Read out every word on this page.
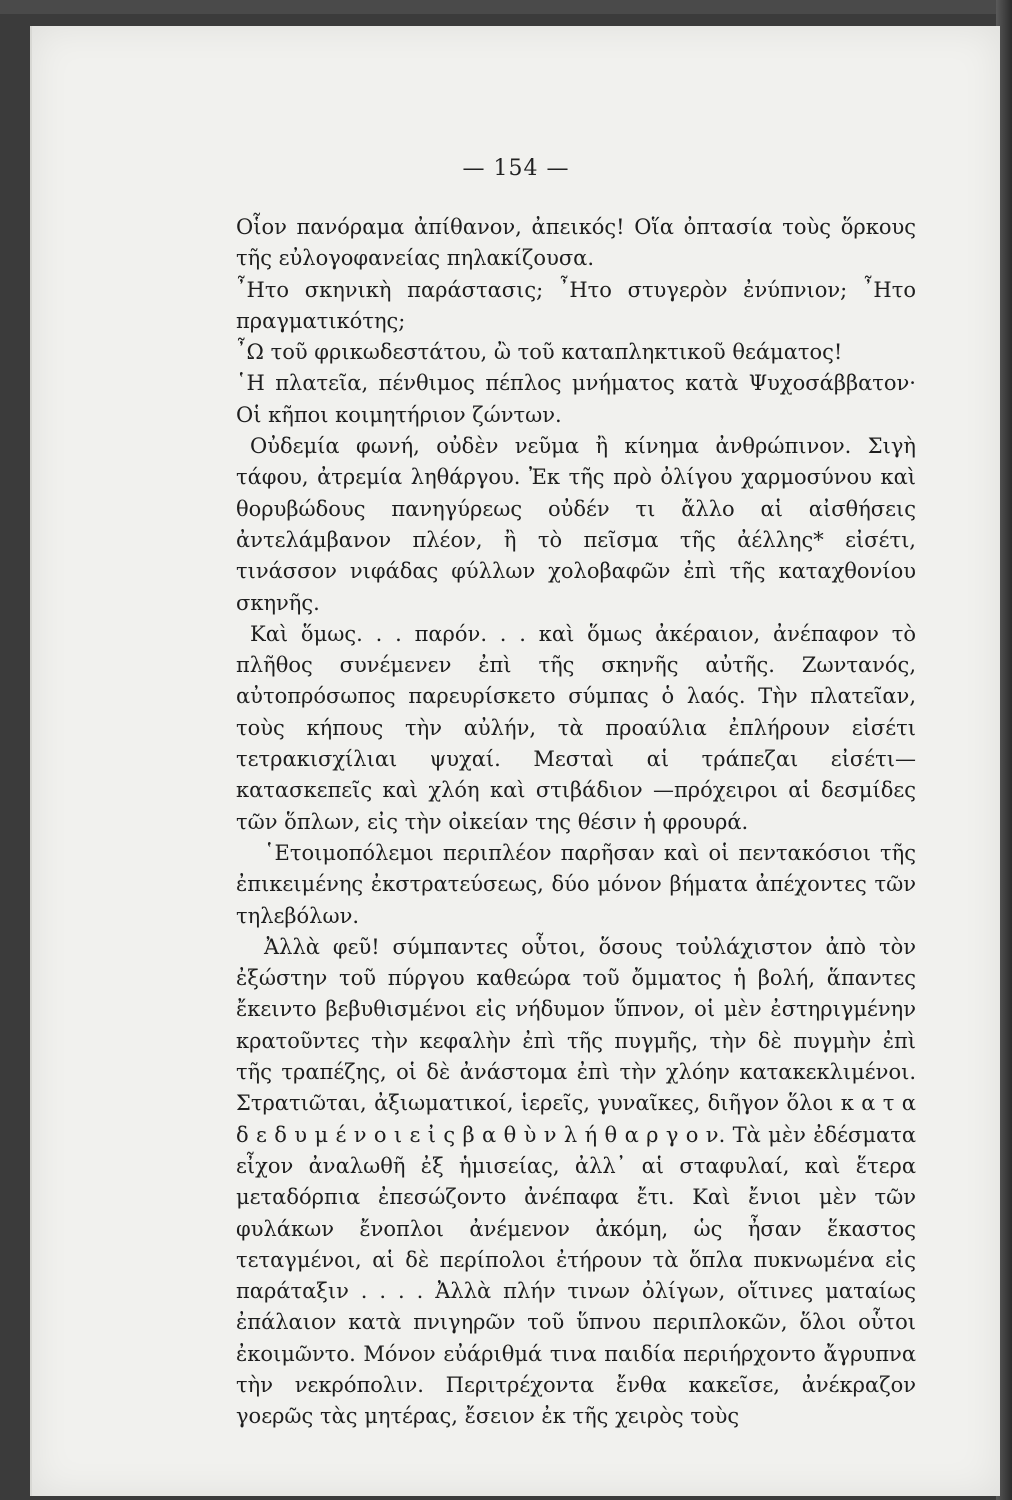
— 154 —

Οἷον πανόραμα ἀπίθανον, ἀπεικός! Οἵα ὀπτασία τοὺς ὅρκους τῆς εὐλογοφανείας πηλακίζουσα.

῏Ητο σκηνικὴ παράστασις; ῏Ητο στυγερὸν ἐνύπνιον; ῏Ητο πραγματικότης;

῏Ω τοῦ φρικωδεστάτου, ὢ τοῦ καταπληκτικοῦ θεάματος!

῾Η πλατεῖα, πένθιμος πέπλος μνήματος κατὰ Ψυχοσάββατον· Οἱ κῆποι κοιμητήριον ζώντων.

Οὐδεμία φωνή, οὐδὲν νεῦμα ἢ κίνημα ἀνθρώπινον. Σιγὴ τάφου, ἀτρεμία ληθάργου. Ἐκ τῆς πρὸ ὀλίγου χαρμοσύνου καὶ θορυβώδους πανηγύρεως οὐδέν τι ἄλλο αἱ αἰσθήσεις ἀντελάμβανον πλέον, ἢ τὸ πεῖσμα τῆς ἀέλλης* εἰσέτι, τινάσσον νιφάδας φύλλων χολοβαφῶν ἐπὶ τῆς καταχθονίου σκηνῆς.

Καὶ ὅμως. . . παρόν. . . καὶ ὅμως ἀκέραιον, ἀνέπαφον τὸ πλῆθος συνέμενεν ἐπὶ τῆς σκηνῆς αὐτῆς. Ζωντανός, αὐτοπρόσωπος παρευρίσκετο σύμπας ὁ λαός. Τὴν πλατεῖαν, τοὺς κήπους τὴν αὐλήν, τὰ προαύλια ἐπλήρουν εἰσέτι τετρακισχίλιαι ψυχαί. Μεσταὶ αἱ τράπεζαι εἰσέτι—κατασκεπεῖς καὶ χλόη καὶ στιβάδιον —πρόχειροι αἱ δεσμίδες τῶν ὅπλων, εἰς τὴν οἰκείαν της θέσιν ἡ φρουρά.

῾Ετοιμοπόλεμοι περιπλέον παρῆσαν καὶ οἱ πεντακόσιοι τῆς ἐπικειμένης ἐκστρατεύσεως, δύο μόνον βήματα ἀπέχοντες τῶν τηλεβόλων.

Ἀλλὰ φεῦ! σύμπαντες οὗτοι, ὅσους τοὐλάχιστον ἀπὸ τὸν ἐξώστην τοῦ πύργου καθεώρα τοῦ ὄμματος ἡ βολή, ἅπαντες ἔκειντο βεβυθισμένοι εἰς νήδυμον ὕπνον, οἱ μὲν ἐστηριγμένην κρατοῦντες τὴν κεφαλὴν ἐπὶ τῆς πυγμῆς, τὴν δὲ πυγμὴν ἐπὶ τῆς τραπέζης, οἱ δὲ ἀνάστομα ἐπὶ τὴν χλόην κατακεκλιμένοι. Στρατιῶται, ἀξιωματικοί, ἱερεῖς, γυναῖκες, διῆγον ὅλοι κ α τ α δ ε δ υ μ έ ν ο ι ε ἰ ς β α θ ὺ ν λ ή θ α ρ γ ο ν. Τὰ μὲν ἐδέσματα εἶχον ἀναλωθῆ ἐξ ἡμισείας, ἀλλ᾽ αἱ σταφυλαί, καὶ ἕτερα μεταδόρπια ἐπεσώζοντο ἀνέπαφα ἔτι. Καὶ ἔνιοι μὲν τῶν φυλάκων ἔνοπλοι ἀνέμενον ἀκόμη, ὡς ἦσαν ἕκαστος τεταγμένοι, αἱ δὲ περίπολοι ἐτήρουν τὰ ὅπλα πυκνωμένα εἰς παράταξιν . . . . Ἀλλὰ πλήν τινων ὀλίγων, οἵτινες ματαίως ἐπάλαιον κατὰ πνιγηρῶν τοῦ ὕπνου περιπλοκῶν, ὅλοι οὗτοι ἐκοιμῶντο. Μόνον εὐάριθμά τινα παιδία περιήρχοντο ἄγρυπνα τὴν νεκρόπολιν. Περιτρέχοντα ἔνθα κακεῖσε, ἀνέκραζον γοερῶς τὰς μητέρας, ἔσειον ἐκ τῆς χειρὸς τοὺς
